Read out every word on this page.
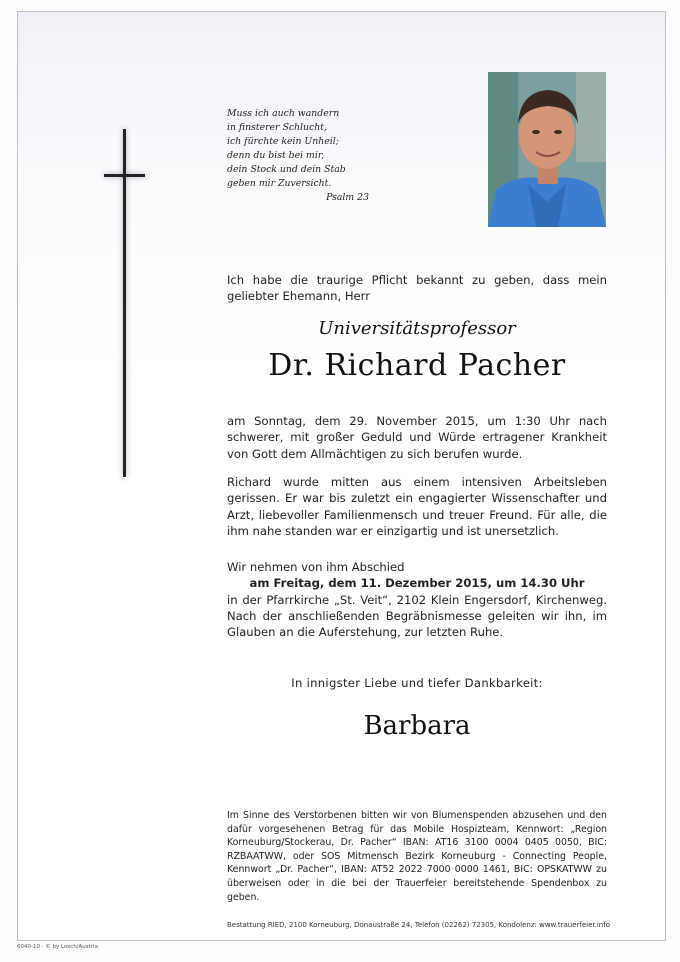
Muss ich auch wandern
in finsterer Schlucht,
ich fürchte kein Unheil;
denn du bist bei mir,
dein Stock und dein Stab
geben mir Zuversicht.
Psalm 23
Ich habe die traurige Pflicht bekannt zu geben, dass mein geliebter Ehemann, Herr
Universitätsprofessor
Dr. Richard Pacher
am Sonntag, dem 29. November 2015, um 1:30 Uhr nach schwerer, mit großer Geduld und Würde ertragener Krankheit von Gott dem Allmächtigen zu sich berufen wurde.
Richard wurde mitten aus einem intensiven Arbeitsleben gerissen. Er war bis zuletzt ein engagierter Wissenschafter und Arzt, liebevoller Familienmensch und treuer Freund. Für alle, die ihm nahe standen war er einzigartig und ist unersetzlich.
Wir nehmen von ihm Abschied
am Freitag, dem 11. Dezember 2015, um 14.30 Uhr
in der Pfarrkirche „St. Veit“, 2102 Klein Engersdorf, Kirchenweg. Nach der anschließenden Begräbnismesse geleiten wir ihn, im Glauben an die Auferstehung, zur letzten Ruhe.
In innigster Liebe und tiefer Dankbarkeit:
Barbara
Im Sinne des Verstorbenen bitten wir von Blumenspenden abzusehen und den dafür vorgesehenen Betrag für das Mobile Hospizteam, Kennwort: „Region Korneuburg/Stockerau, Dr. Pacher“ IBAN: AT16 3100 0004 0405 0050, BIC: RZBAATWW, oder SOS Mitmensch Bezirk Korneuburg - Connecting People, Kennwort „Dr. Pacher“, IBAN: AT52 2022 7000 0000 1461, BIC: OPSKATWW zu überweisen oder in die bei der Trauerfeier bereitstehende Spendenbox zu geben.
Bestattung RIED, 2100 Korneuburg, Donaustraße 24, Telefon (02262) 72305, Kondolenz: www.trauerfeier.info
6040-10 · © by Losch/Austria
